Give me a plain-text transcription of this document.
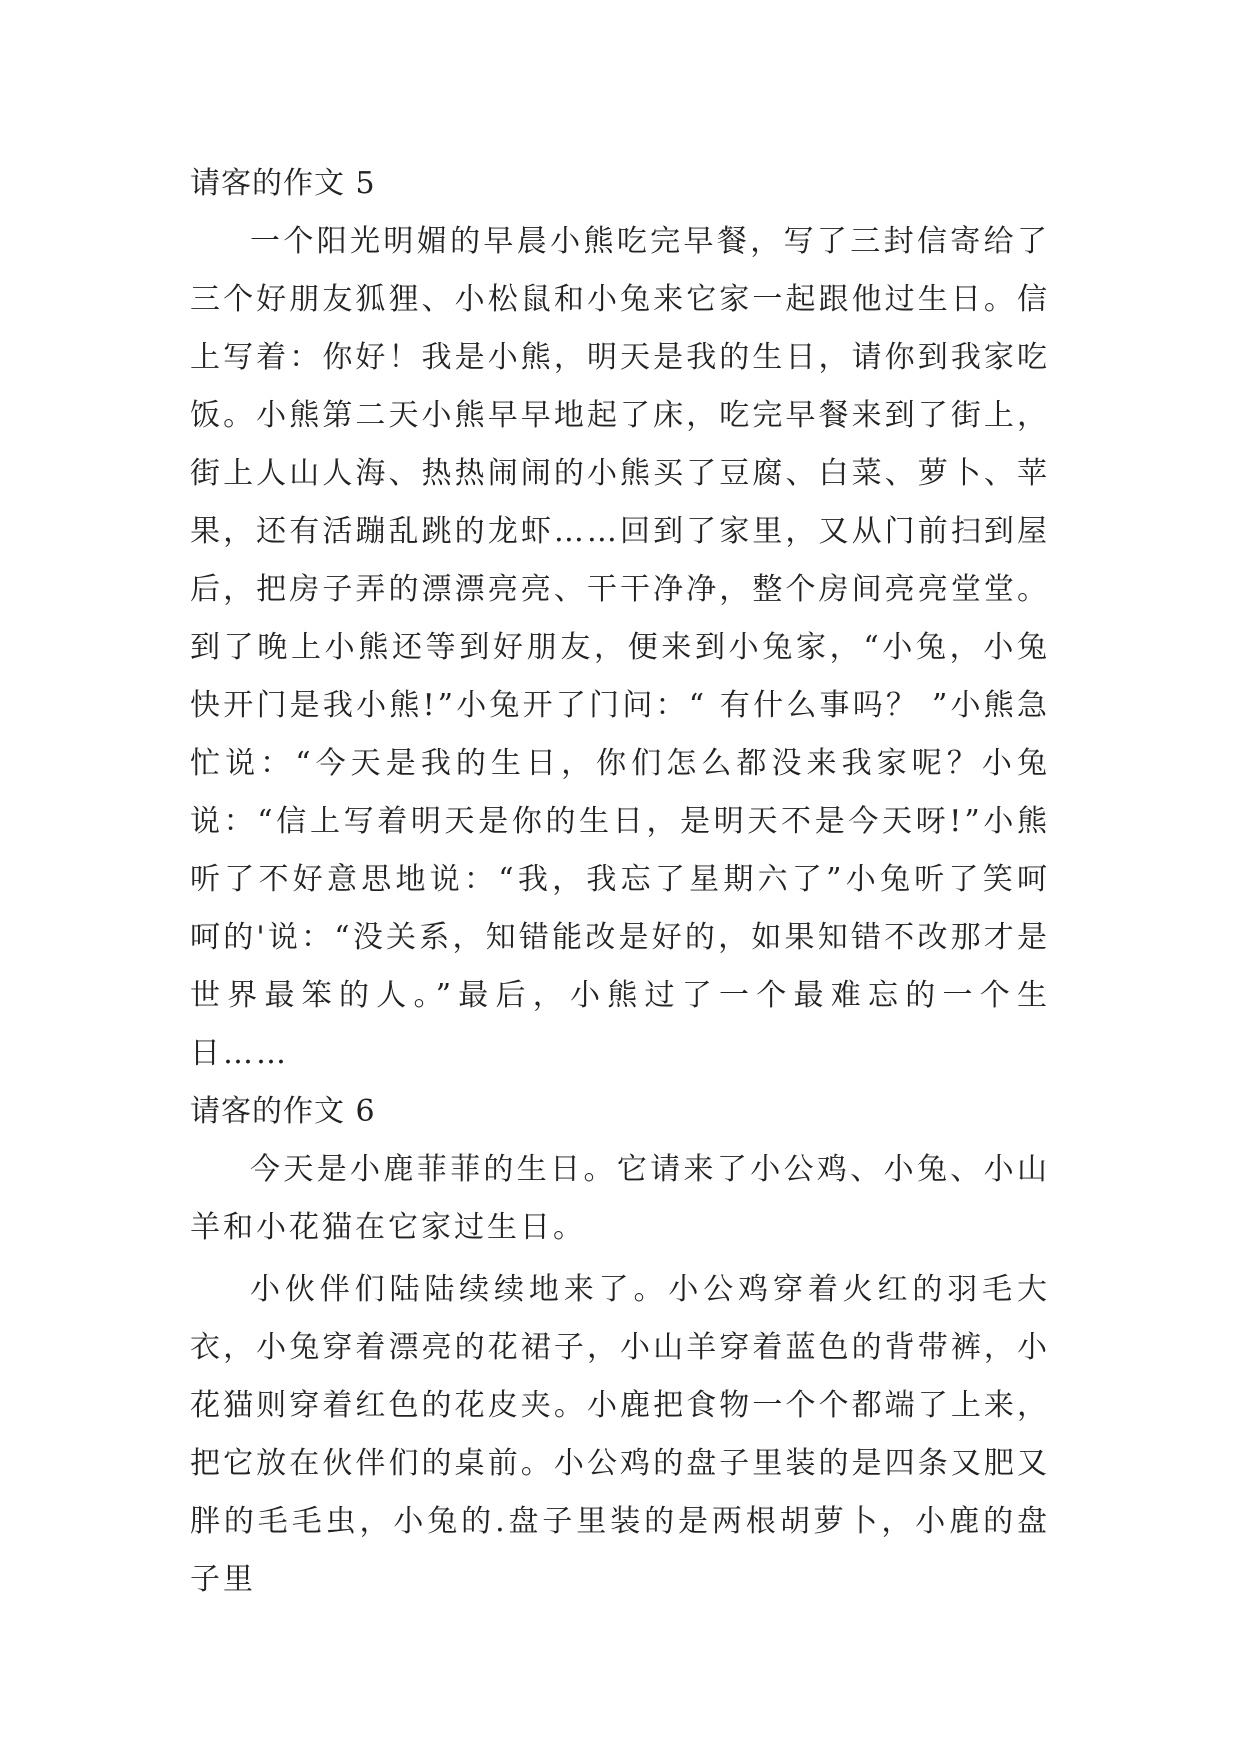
请客的作文 5

一个阳光明媚的早晨小熊吃完早餐，写了三封信寄给了三个好朋友狐狸、小松鼠和小兔来它家一起跟他过生日。信上写着：你好！我是小熊，明天是我的生日，请你到我家吃饭。小熊第二天小熊早早地起了床，吃完早餐来到了街上，街上人山人海、热热闹闹的小熊买了豆腐、白菜、萝卜、苹果，还有活蹦乱跳的龙虾……回到了家里，又从门前扫到屋后，把房子弄的漂漂亮亮、干干净净，整个房间亮亮堂堂。到了晚上小熊还等到好朋友，便来到小兔家，“小兔，小兔快开门是我小熊!”小兔开了门问：“ 有什么事吗？ ”小熊急忙说：“今天是我的生日，你们怎么都没来我家呢？小兔说：“信上写着明天是你的生日，是明天不是今天呀!”小熊听了不好意思地说：“我，我忘了星期六了”小兔听了笑呵呵的'说：“没关系，知错能改是好的，如果知错不改那才是世界最笨的人。”最后，小熊过了一个最难忘的一个生日……

请客的作文 6

今天是小鹿菲菲的生日。它请来了小公鸡、小兔、小山羊和小花猫在它家过生日。

小伙伴们陆陆续续地来了。小公鸡穿着火红的羽毛大衣，小兔穿着漂亮的花裙子，小山羊穿着蓝色的背带裤，小花猫则穿着红色的花皮夹。小鹿把食物一个个都端了上来，把它放在伙伴们的桌前。小公鸡的盘子里装的是四条又肥又胖的毛毛虫，小兔的.盘子里装的是两根胡萝卜，小鹿的盘子里
